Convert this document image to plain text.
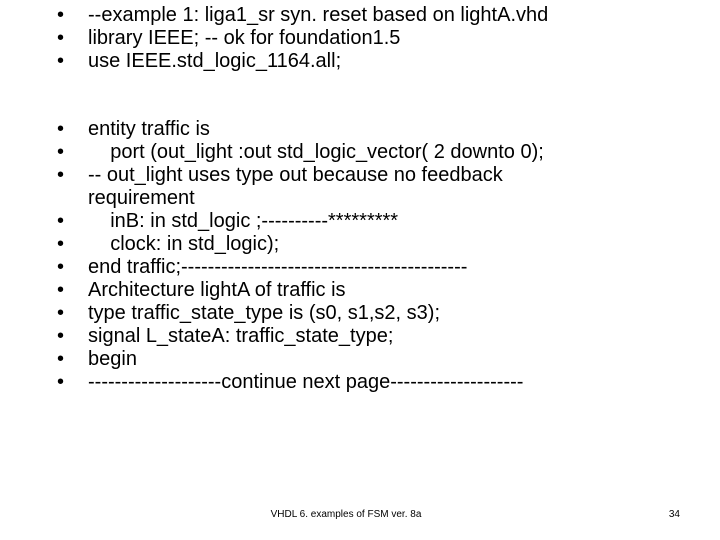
• --example 1: liga1_sr syn. reset based on lightA.vhd
• library IEEE; -- ok for foundation1.5
• use IEEE.std_logic_1164.all;
• entity traffic is
• port (out_light :out std_logic_vector( 2 downto 0);
• -- out_light uses type out because no feedback requirement
• inB: in std_logic ;----------*********
• clock: in std_logic);
• end traffic;-------------------------------------------
• Architecture lightA of traffic is
• type traffic_state_type is (s0, s1,s2, s3);
• signal L_stateA: traffic_state_type;
• begin
• --------------------continue next page--------------------
VHDL 6. examples of FSM ver. 8a	34
